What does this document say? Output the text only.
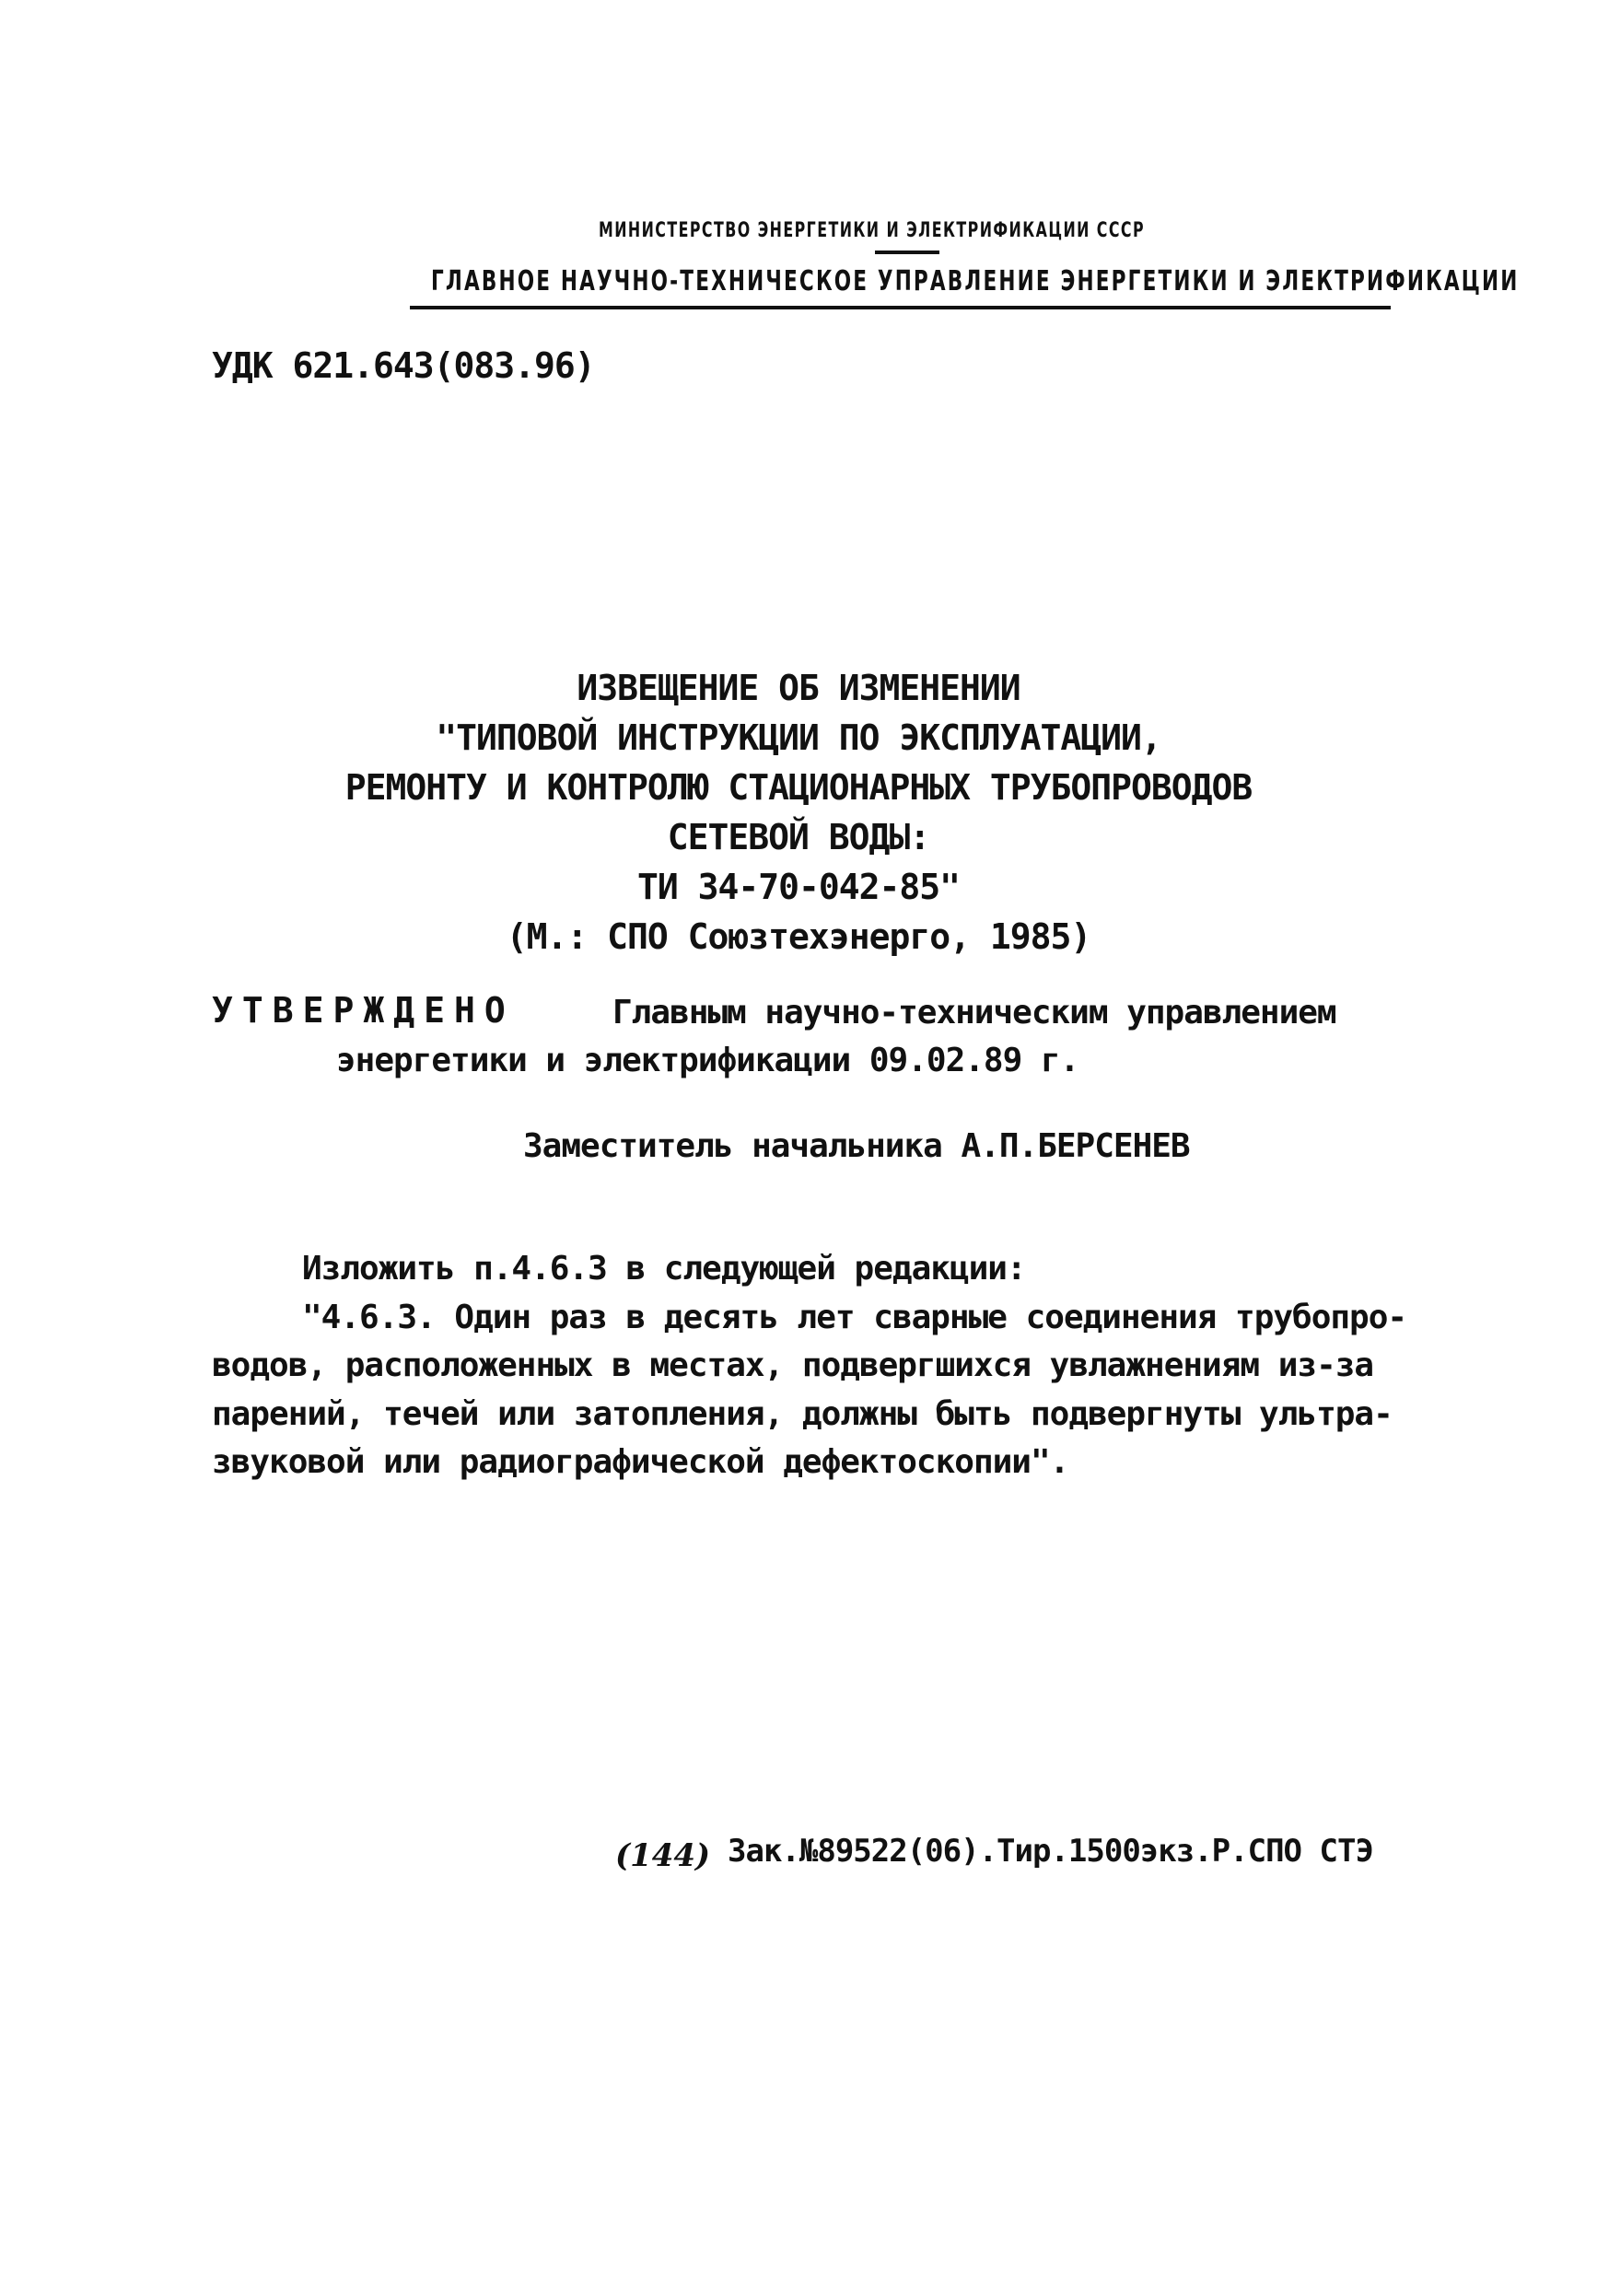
МИНИСТЕРСТВО ЭНЕРГЕТИКИ И ЭЛЕКТРИФИКАЦИИ СССР
ГЛАВНОЕ НАУЧНО-ТЕХНИЧЕСКОЕ УПРАВЛЕНИЕ ЭНЕРГЕТИКИ И ЭЛЕКТРИФИКАЦИИ
УДК 621.643(083.96)
ИЗВЕЩЕНИЕ ОБ ИЗМЕНЕНИИ
"ТИПОВОЙ ИНСТРУКЦИИ ПО ЭКСПЛУАТАЦИИ,
РЕМОНТУ И КОНТРОЛЮ СТАЦИОНАРНЫХ ТРУБОПРОВОДОВ
СЕТЕВОЙ ВОДЫ:
ТИ 34-70-042-85"
(М.: СПО Союзтехэнерго, 1985)
УТВЕРЖДЕНО	Главным научно-техническим управлением
энергетики и электрификации 09.02.89 г.
Заместитель начальника А.П.БЕРСЕНЕВ
Изложить п.4.6.3 в следующей редакции:
"4.6.3. Один раз в десять лет сварные соединения трубопро-
водов, расположенных в местах, подвергшихся увлажнениям из-за
парений, течей или затопления, должны быть подвергнуты ультра-
звуковой или радиографической дефектоскопии".
(144) Зак.№89522(06).Тир.1500экз.Р.СПО СТЭ
